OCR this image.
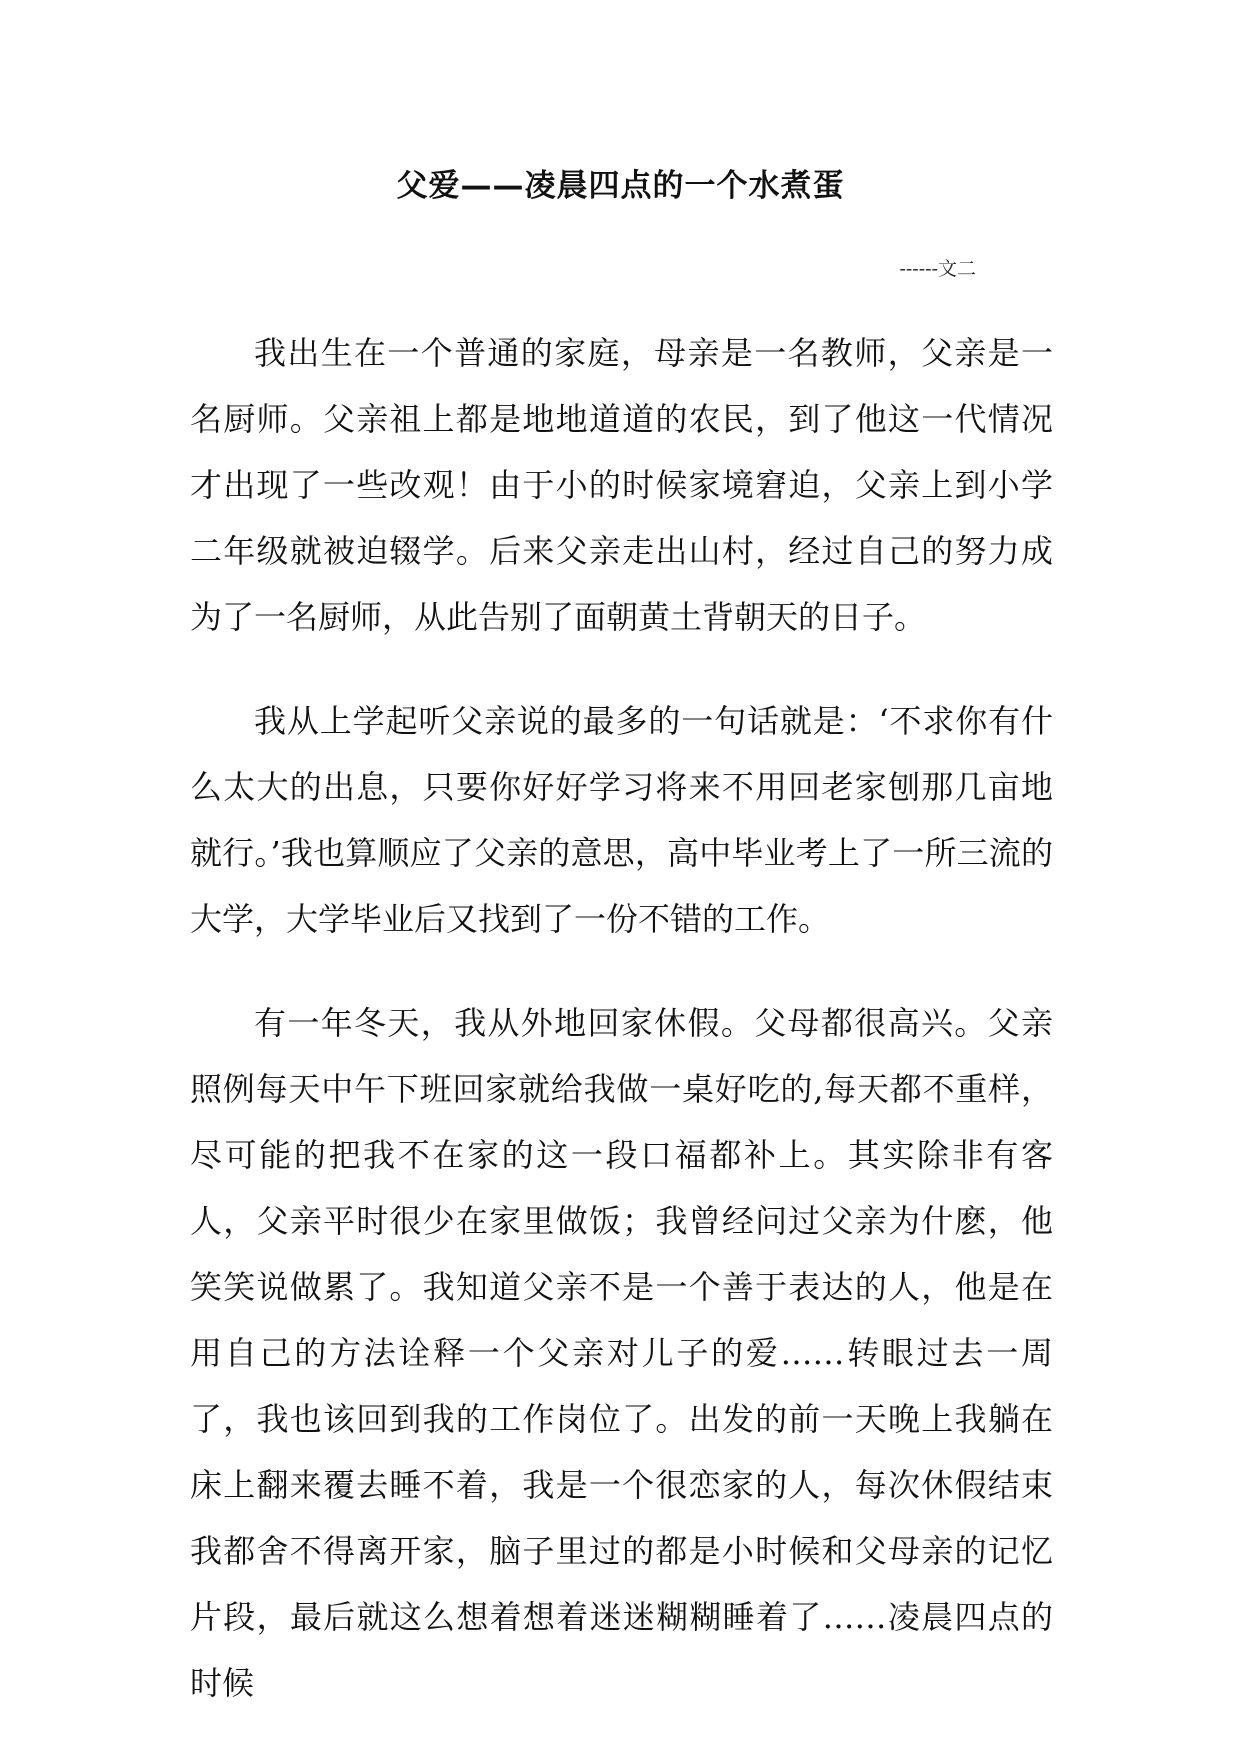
父爱——凌晨四点的一个水煮蛋
------文二

我出生在一个普通的家庭，母亲是一名教师，父亲是一名厨师。父亲祖上都是地地道道的农民，到了他这一代情况才出现了一些改观！由于小的时候家境窘迫，父亲上到小学二年级就被迫辍学。后来父亲走出山村，经过自己的努力成为了一名厨师，从此告别了面朝黄土背朝天的日子。

我从上学起听父亲说的最多的一句话就是：‘不求你有什么太大的出息，只要你好好学习将来不用回老家刨那几亩地就行。’我也算顺应了父亲的意思，高中毕业考上了一所三流的大学，大学毕业后又找到了一份不错的工作。

有一年冬天，我从外地回家休假。父母都很高兴。父亲照例每天中午下班回家就给我做一桌好吃的,每天都不重样，尽可能的把我不在家的这一段口福都补上。其实除非有客人，父亲平时很少在家里做饭；我曾经问过父亲为什麽，他笑笑说做累了。我知道父亲不是一个善于表达的人，他是在用自己的方法诠释一个父亲对儿子的爱……转眼过去一周了，我也该回到我的工作岗位了。出发的前一天晚上我躺在床上翻来覆去睡不着，我是一个很恋家的人，每次休假结束我都舍不得离开家，脑子里过的都是小时候和父母亲的记忆片段，最后就这么想着想着迷迷糊糊睡着了……凌晨四点的时候
